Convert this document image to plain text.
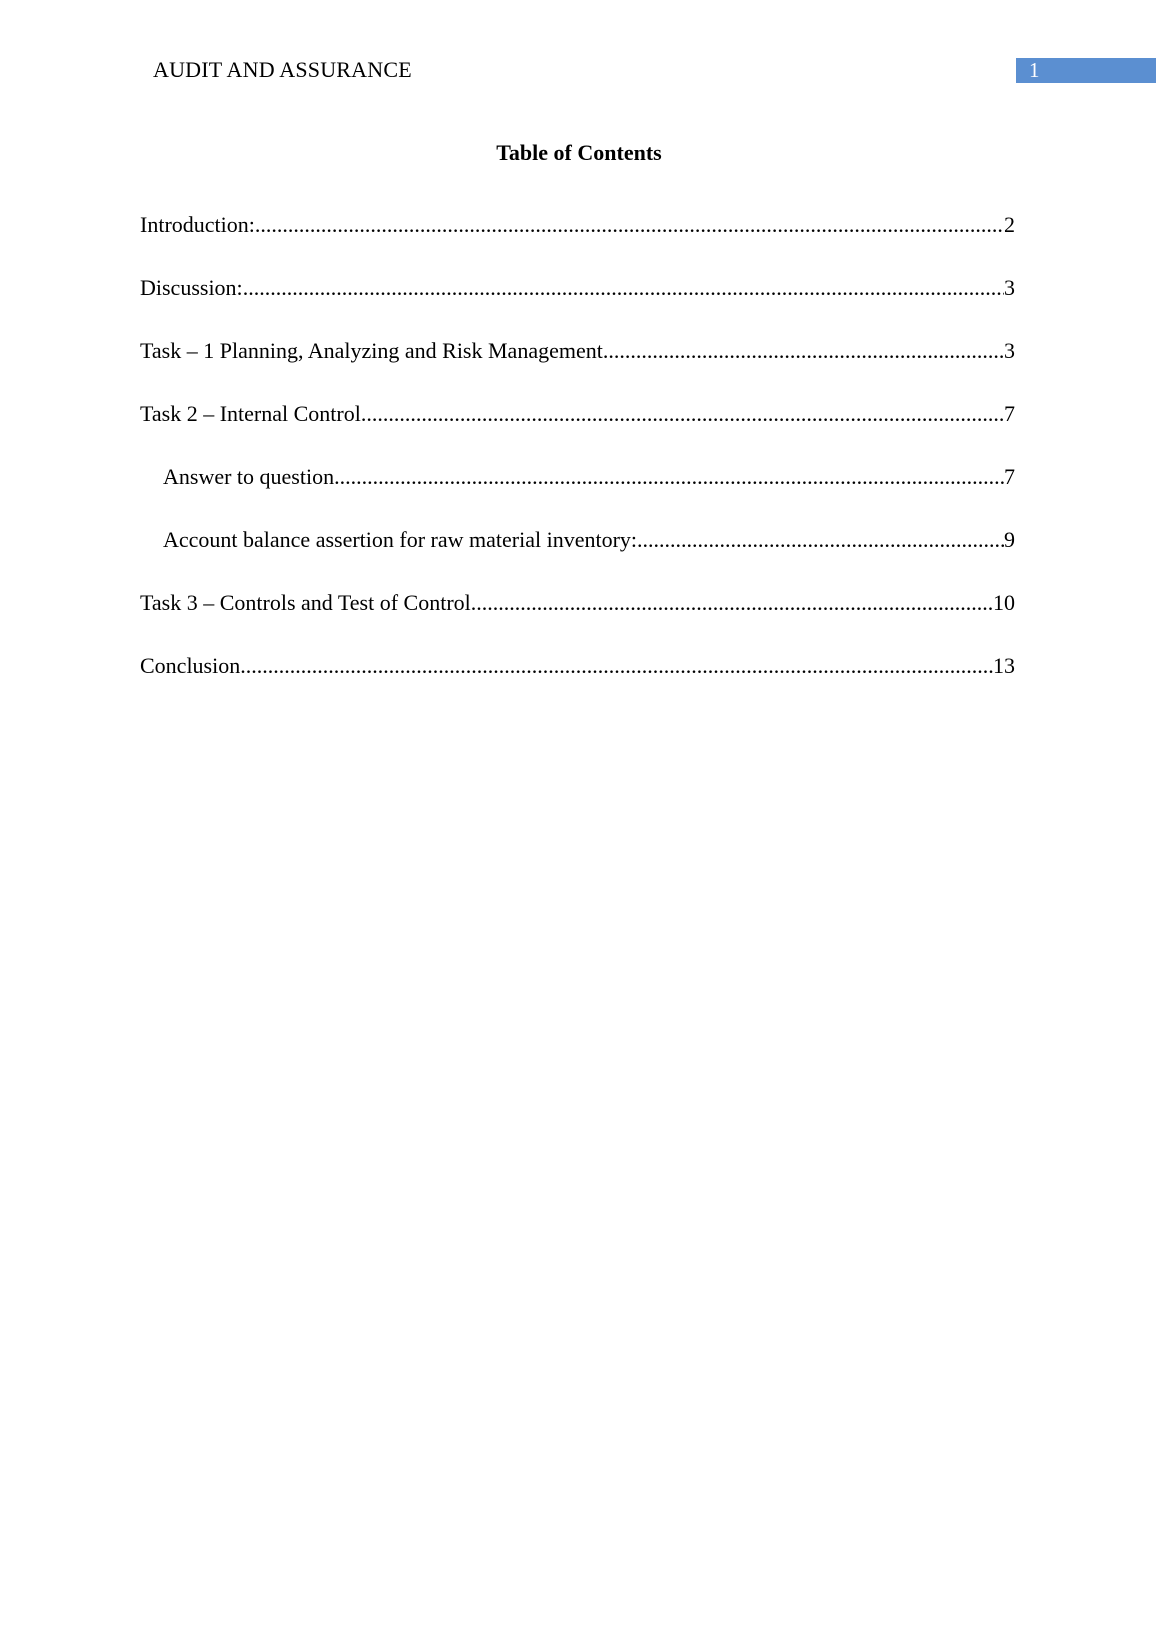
AUDIT AND ASSURANCE	1
Table of Contents
Introduction: .....	2
Discussion: .....	3
Task – 1 Planning, Analyzing and Risk Management .....	3
Task 2 – Internal Control .....	7
Answer to question .....	7
Account balance assertion for raw material inventory: .....	9
Task 3 – Controls and Test of Control .....	10
Conclusion .....	13
